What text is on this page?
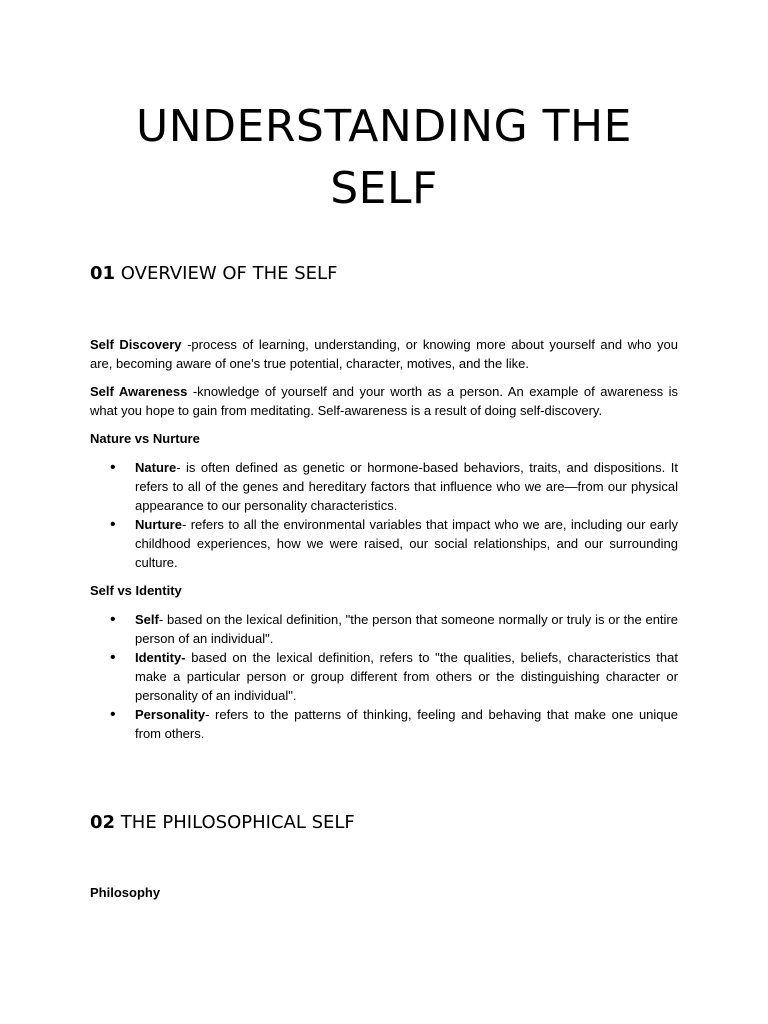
UNDERSTANDING THE SELF
01 OVERVIEW OF THE SELF

Self Discovery -process of learning, understanding, or knowing more about yourself and who you are, becoming aware of one's true potential, character, motives, and the like.

Self Awareness -knowledge of yourself and your worth as a person. An example of awareness is what you hope to gain from meditating. Self-awareness is a result of doing self-discovery.

Nature vs Nurture

• Nature- is often defined as genetic or hormone-based behaviors, traits, and dispositions. It refers to all of the genes and hereditary factors that influence who we are—from our physical appearance to our personality characteristics.
• Nurture- refers to all the environmental variables that impact who we are, including our early childhood experiences, how we were raised, our social relationships, and our surrounding culture.

Self vs Identity

• Self- based on the lexical definition, "the person that someone normally or truly is or the entire person of an individual".
• Identity- based on the lexical definition, refers to "the qualities, beliefs, characteristics that make a particular person or group different from others or the distinguishing character or personality of an individual".
• Personality- refers to the patterns of thinking, feeling and behaving that make one unique from others.
02 THE PHILOSOPHICAL SELF

Philosophy
